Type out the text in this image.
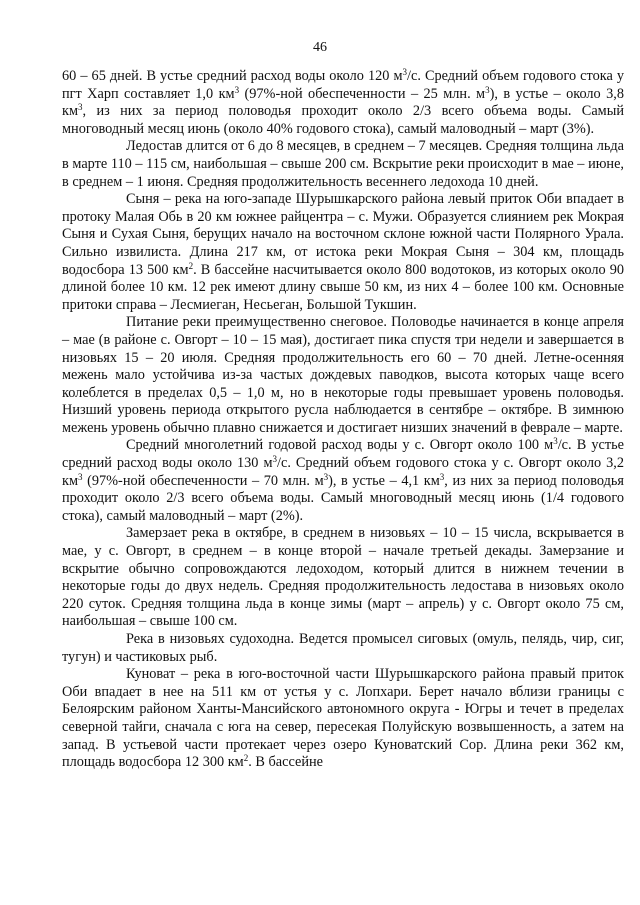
46

60 – 65 дней. В устье средний расход воды около 120 $м^3/с$. Средний объем годового стока у пгт Харп составляет 1,0 $км^3$ (97%-ной обеспеченности – 25 млн. $м^3$), в устье – около 3,8 $км^3$, из них за период половодья проходит около 2/3 всего объема воды. Самый многоводный месяц июнь (около 40% годового стока), самый маловодный – март (3%).

Ледостав длится от 6 до 8 месяцев, в среднем – 7 месяцев. Средняя толщина льда в марте 110 – 115 см, наибольшая – свыше 200 см. Вскрытие реки происходит в мае – июне, в среднем – 1 июня. Средняя продолжительность весеннего ледохода 10 дней.

Сыня – река на юго-западе Шурышкарского района левый приток Оби впадает в протоку Малая Обь в 20 км южнее райцентра – с. Мужи. Образуется слиянием рек Мокрая Сыня и Сухая Сыня, берущих начало на восточном склоне южной части Полярного Урала. Сильно извилиста. Длина 217 км, от истока реки Мокрая Сыня – 304 км, площадь водосбора 13 500 $км^2$. В бассейне насчитывается около 800 водотоков, из которых около 90 длиной более 10 км. 12 рек имеют длину свыше 50 км, из них 4 – более 100 км. Основные притоки справа – Лесмиеган, Несьеган, Большой Тукшин.

Питание реки преимущественно снеговое. Половодье начинается в конце апреля – мае (в районе с. Овгорт – 10 – 15 мая), достигает пика спустя три недели и завершается в низовьях 15 – 20 июля. Средняя продолжительность его 60 – 70 дней. Летне-осенняя межень мало устойчива из-за частых дождевых паводков, высота которых чаще всего колеблется в пределах 0,5 – 1,0 м, но в некоторые годы превышает уровень половодья. Низший уровень периода открытого русла наблюдается в сентябре – октябре. В зимнюю межень уровень обычно плавно снижается и достигает низших значений в феврале – марте.

Средний многолетний годовой расход воды у с. Овгорт около 100 $м^3/с$. В устье средний расход воды около 130 $м^3/с$. Средний объем годового стока у с. Овгорт около 3,2 $км^3$ (97%-ной обеспеченности – 70 млн. $м^3$), в устье – 4,1 $км^3$, из них за период половодья проходит около 2/3 всего объема воды. Самый многоводный месяц июнь (1/4 годового стока), самый маловодный – март (2%).

Замерзает река в октябре, в среднем в низовьях – 10 – 15 числа, вскрывается в мае, у с. Овгорт, в среднем – в конце второй – начале третьей декады. Замерзание и вскрытие обычно сопровождаются ледоходом, который длится в нижнем течении в некоторые годы до двух недель. Средняя продолжительность ледостава в низовьях около 220 суток. Средняя толщина льда в конце зимы (март – апрель) у с. Овгорт около 75 см, наибольшая – свыше 100 см.

Река в низовьях судоходна. Ведется промысел сиговых (омуль, пелядь, чир, сиг, тугун) и частиковых рыб.

Куноват – река в юго-восточной части Шурышкарского района правый приток Оби впадает в нее на 511 км от устья у с. Лопхари. Берет начало вблизи границы с Белоярским районом Ханты-Мансийского автономного округа - Югры и течет в пределах северной тайги, сначала с юга на север, пересекая Полуйскую возвышенность, а затем на запад. В устьевой части протекает через озеро Куноватский Сор. Длина реки 362 км, площадь водосбора 12 300 $км^2$. В бассейне
